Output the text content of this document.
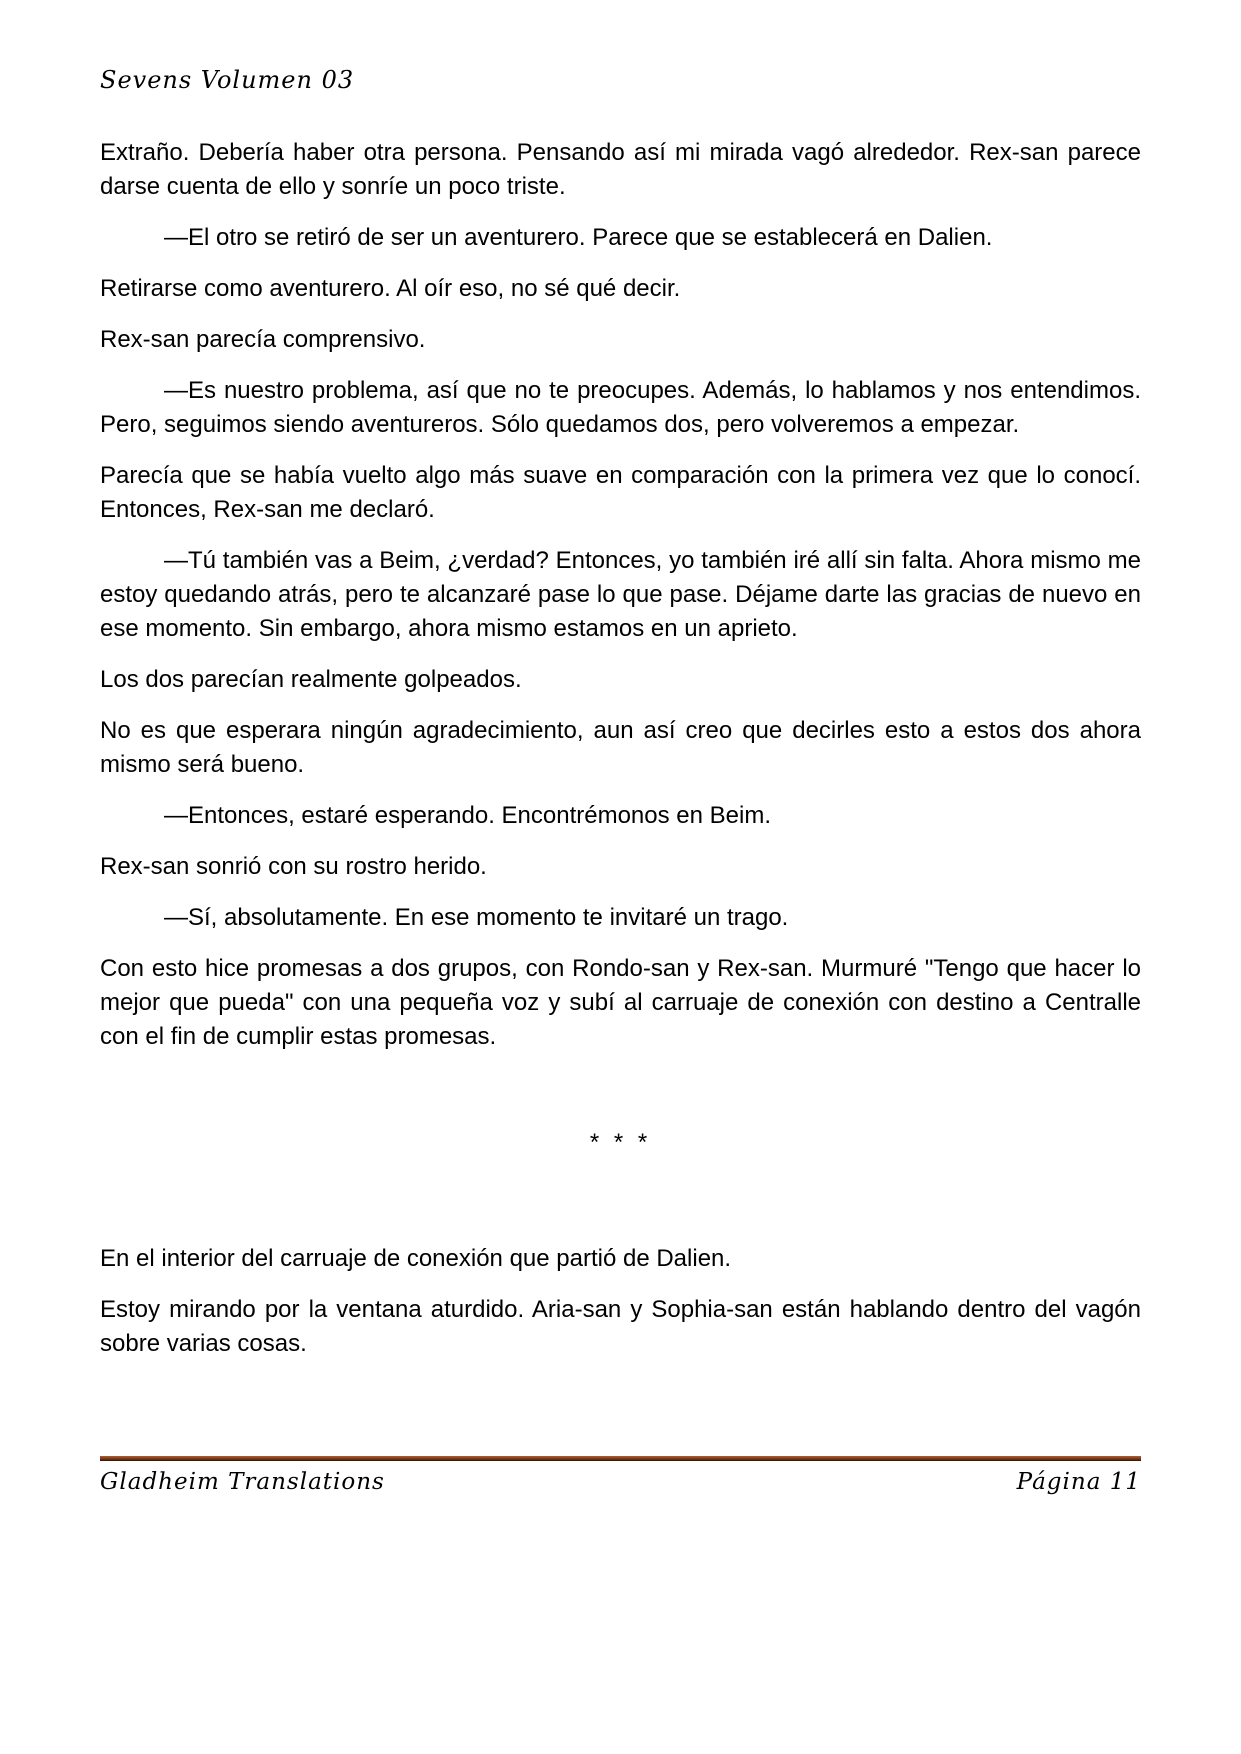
Sevens Volumen 03

Extraño. Debería haber otra persona. Pensando así mi mirada vagó alrededor. Rex-san parece darse cuenta de ello y sonríe un poco triste.

—El otro se retiró de ser un aventurero. Parece que se establecerá en Dalien.

Retirarse como aventurero. Al oír eso, no sé qué decir.

Rex-san parecía comprensivo.

—Es nuestro problema, así que no te preocupes. Además, lo hablamos y nos entendimos. Pero, seguimos siendo aventureros. Sólo quedamos dos, pero volveremos a empezar.

Parecía que se había vuelto algo más suave en comparación con la primera vez que lo conocí. Entonces, Rex-san me declaró.

—Tú también vas a Beim, ¿verdad? Entonces, yo también iré allí sin falta. Ahora mismo me estoy quedando atrás, pero te alcanzaré pase lo que pase. Déjame darte las gracias de nuevo en ese momento. Sin embargo, ahora mismo estamos en un aprieto.

Los dos parecían realmente golpeados.

No es que esperara ningún agradecimiento, aun así creo que decirles esto a estos dos ahora mismo será bueno.

—Entonces, estaré esperando. Encontrémonos en Beim.

Rex-san sonrió con su rostro herido.

—Sí, absolutamente. En ese momento te invitaré un trago.

Con esto hice promesas a dos grupos, con Rondo-san y Rex-san. Murmuré "Tengo que hacer lo mejor que pueda" con una pequeña voz y subí al carruaje de conexión con destino a Centralle con el fin de cumplir estas promesas.

* * *

En el interior del carruaje de conexión que partió de Dalien.

Estoy mirando por la ventana aturdido. Aria-san y Sophia-san están hablando dentro del vagón sobre varias cosas.

Gladheim Translations	Página 11
